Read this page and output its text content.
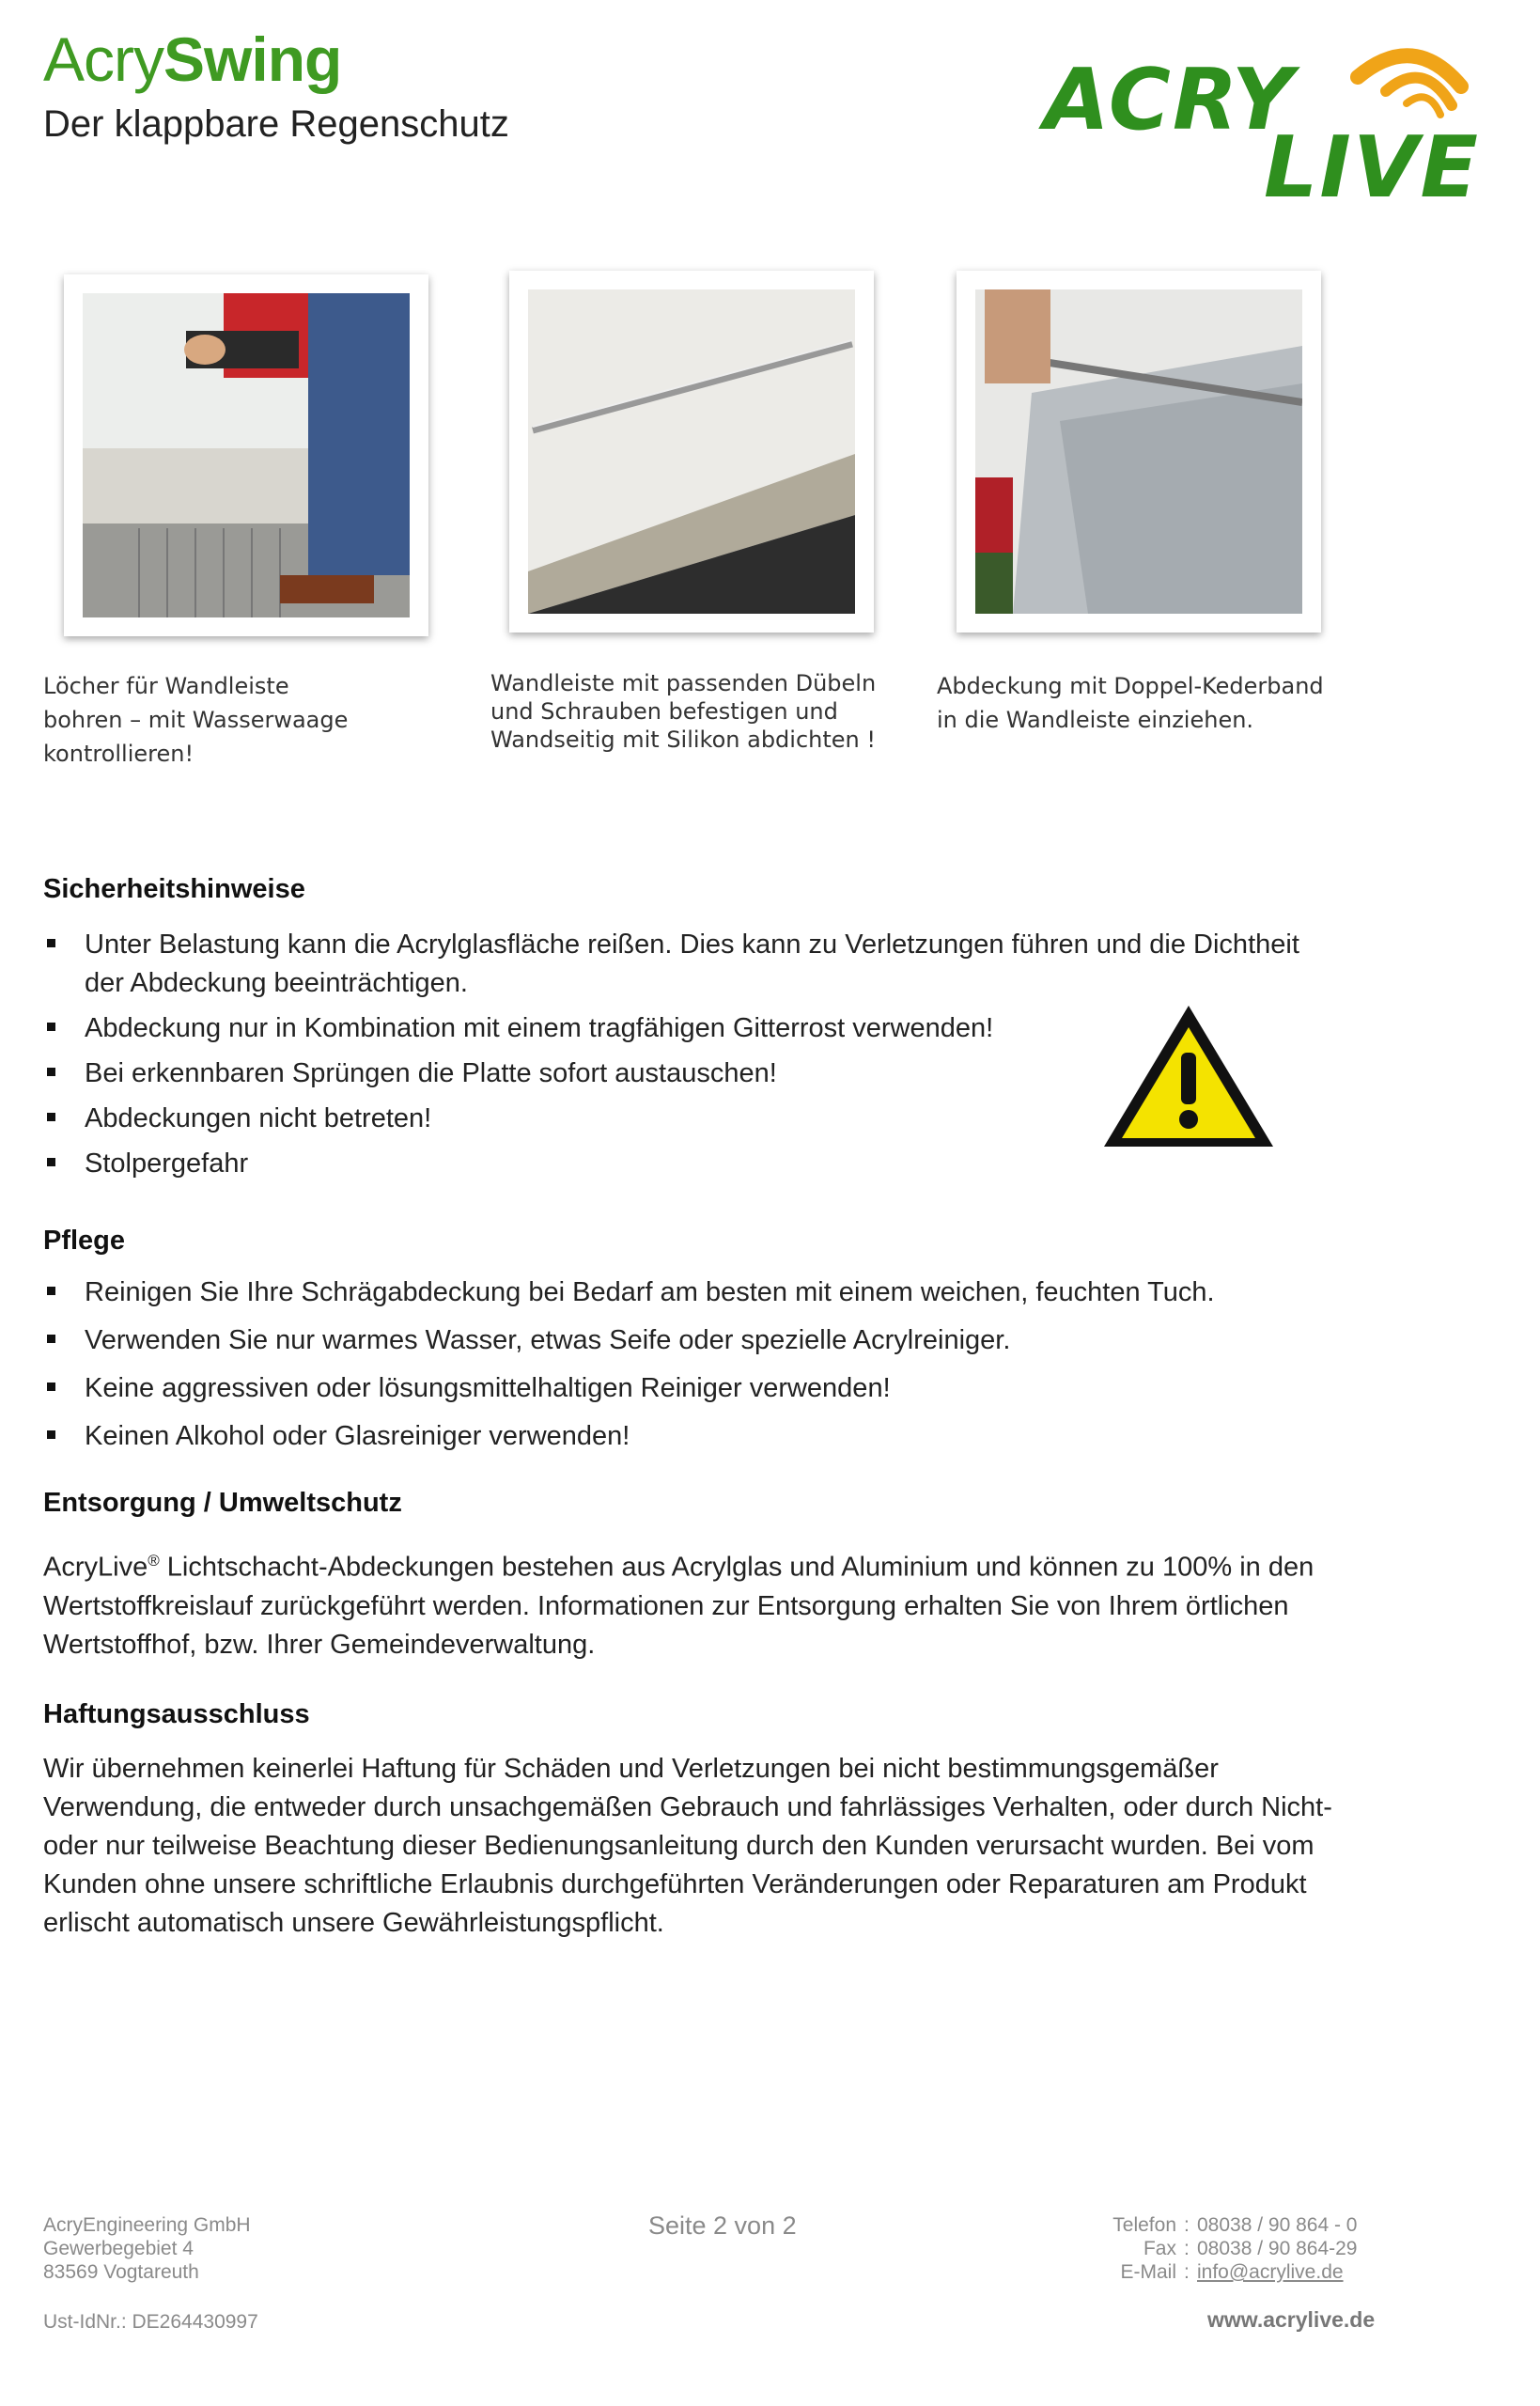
AcrySwing
Der klappbare Regenschutz	ACRY
LIVE
Löcher für Wandleiste
bohren – mit Wasserwaage
kontrollieren!
Wandleiste mit passenden Dübeln
und Schrauben befestigen und
Wandseitig mit Silikon abdichten !
Abdeckung mit Doppel-Kederband
in die Wandleiste einziehen.
Sicherheitshinweise
Unter Belastung kann die Acrylglasfläche reißen. Dies kann zu Verletzungen führen und die Dichtheit der Abdeckung beeinträchtigen.
Abdeckung nur in Kombination mit einem tragfähigen Gitterrost verwenden!
Bei erkennbaren Sprüngen die Platte sofort austauschen!
Abdeckungen nicht betreten!
Stolpergefahr
Pflege
Reinigen Sie Ihre Schrägabdeckung bei Bedarf am besten mit einem weichen, feuchten Tuch.
Verwenden Sie nur warmes Wasser, etwas Seife oder spezielle Acrylreiniger.
Keine aggressiven oder lösungsmittelhaltigen Reiniger verwenden!
Keinen Alkohol oder Glasreiniger verwenden!
Entsorgung / Umweltschutz

AcryLive® Lichtschacht-Abdeckungen bestehen aus Acrylglas und Aluminium und können zu 100% in den Wertstoffkreislauf zurückgeführt werden. Informationen zur Entsorgung erhalten Sie von Ihrem örtlichen Wertstoffhof, bzw. Ihrer Gemeindeverwaltung.

Haftungsausschluss

Wir übernehmen keinerlei Haftung für Schäden und Verletzungen bei nicht bestimmungsgemäßer Verwendung, die entweder durch unsachgemäßen Gebrauch und fahrlässiges Verhalten, oder durch Nicht- oder nur teilweise Beachtung dieser Bedienungsanleitung durch den Kunden verursacht wurden. Bei vom Kunden ohne unsere schriftliche Erlaubnis durchgeführten Veränderungen oder Reparaturen am Produkt erlischt automatisch unsere Gewährleistungspflicht.

AcryEngineering GmbH
Gewerbegebiet 4
83569 Vogtareuth
Ust-IdNr.: DE264430997
Seite 2 von 2	Telefon : 08038 / 90 864 - 0
Fax : 08038 / 90 864-29
E-Mail : info@acrylive.de
www.acrylive.de
